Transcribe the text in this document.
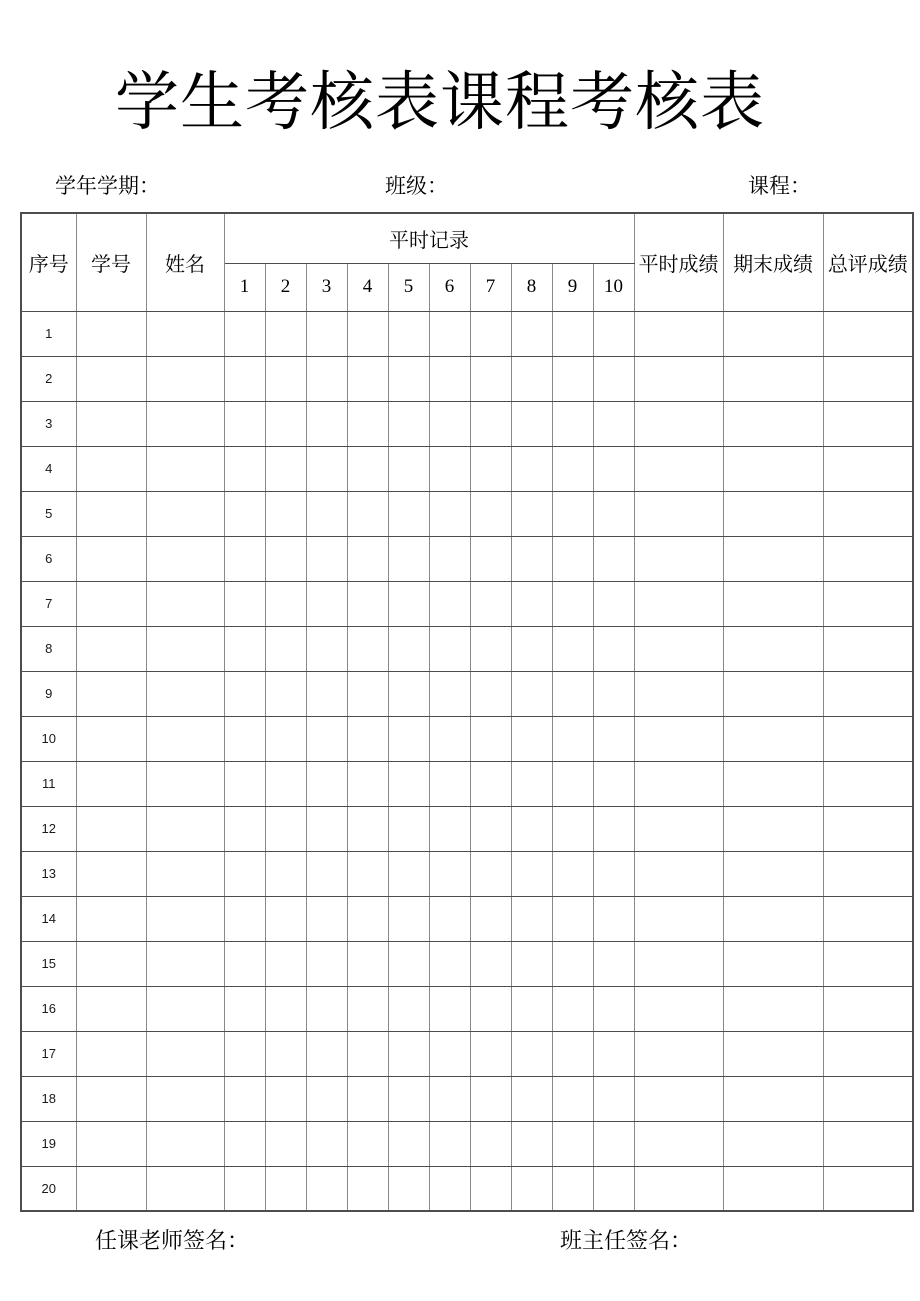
学生考核表课程考核表
学年学期：	班级：	课程：
序号	学号	姓名	平时记录										平时成绩	期末成绩	总评成绩
			1	2	3	4	5	6	7	8	9	10			
1															
2															
3															
4															
5															
6															
7															
8															
9															
10															
11															
12															
13															
14															
15															
16															
17															
18															
19															
20															
任课老师签名：	班主任签名：
